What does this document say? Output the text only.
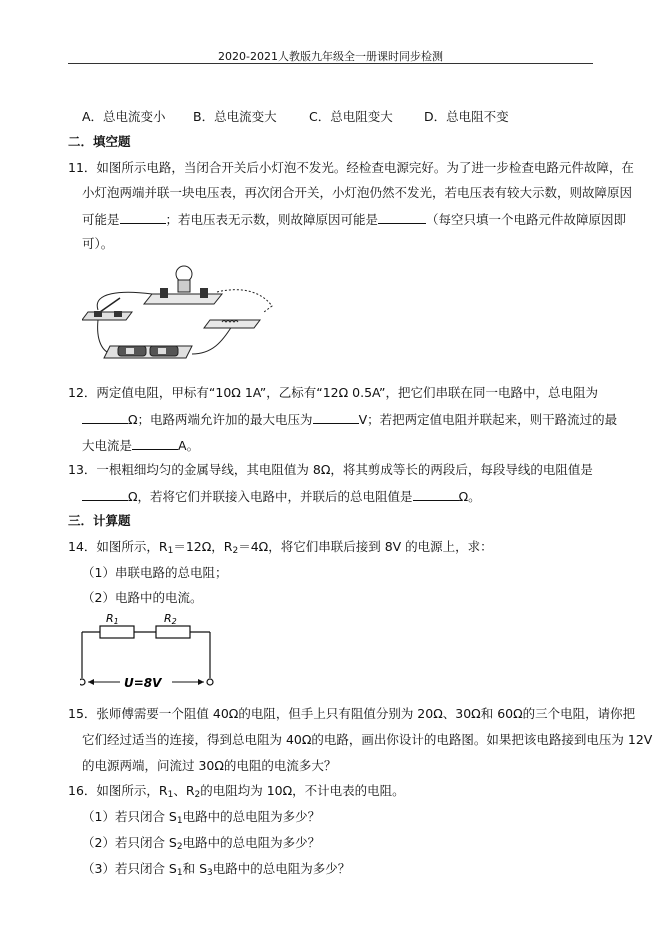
2020-2021人教版九年级全一册课时同步检测
A．总电流变小 B．总电流变大	C．总电阻变大	D．总电阻不变
二．填空题
11．如图所示电路，当闭合开关后小灯泡不发光。经检查电源完好。为了进一步检查电路元件故障，在
小灯泡两端并联一块电压表，再次闭合开关，小灯泡仍然不发光，若电压表有较大示数，则故障原因
可能是	；若电压表无示数，则故障原因可能是	（每空只填一个电路元件故障原因即
可）。
12．两定值电阻，甲标有“10Ω 1A”，乙标有“12Ω 0.5A”，把它们串联在同一电路中，总电阻为
Ω；电路两端允许加的最大电压为	V；若把两定值电阻并联起来，则干路流过的最
大电流是	A。
13．一根粗细均匀的金属导线，其电阻值为 8Ω，将其剪成等长的两段后，每段导线的电阻值是
Ω，若将它们并联接入电路中，并联后的总电阻值是	Ω。
三．计算题
14．如图所示，$R_1=12\Omega$，$R_2=4\Omega$，将它们串联后接到 8V 的电源上，求：
（1）串联电路的总电阻；
（2）电路中的电流。
R1	R2
U=8V
15．张师傅需要一个阻值 40Ω的电阻，但手上只有阻值分别为 20Ω、30Ω和 60Ω的三个电阻，请你把
它们经过适当的连接，得到总电阻为 40Ω的电路，画出你设计的电路图。如果把该电路接到电压为 12V
的电源两端，问流过 30Ω的电阻的电流多大？
16．如图所示，$R_1$、$R_2$的电阻均为 10Ω，不计电表的电阻。
（1）若只闭合 $S_1$电路中的总电阻为多少？
（2）若只闭合 $S_2$电路中的总电阻为多少？
（3）若只闭合 $S_1$和 $S_3$电路中的总电阻为多少？
